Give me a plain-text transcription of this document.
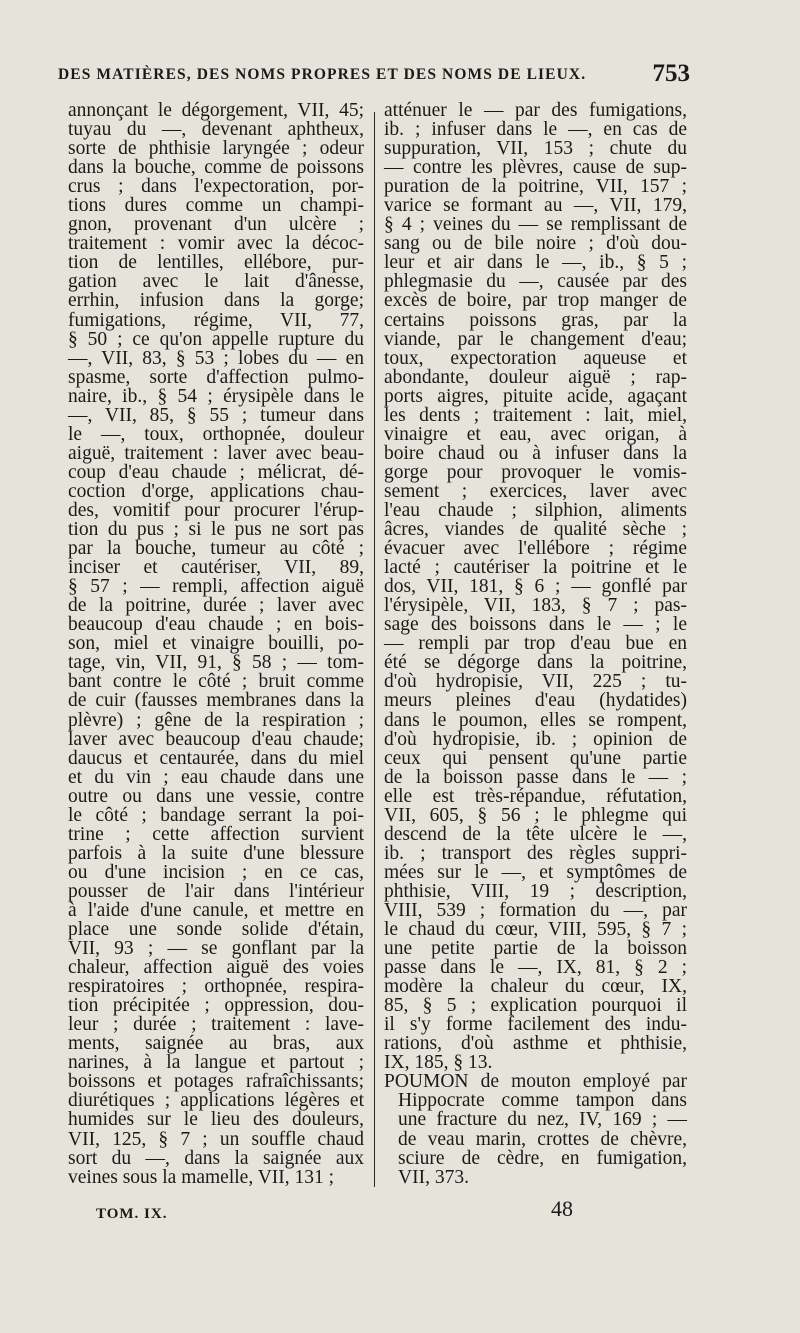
DES MATIÈRES, DES NOMS PROPRES ET DES NOMS DE LIEUX.	753
annonçant le dégorgement, VII, 45;
tuyau du —, devenant aphtheux,
sorte de phthisie laryngée ; odeur
dans la bouche, comme de poissons
crus ; dans l'expectoration, por-
tions dures comme un champi-
gnon, provenant d'un ulcère ;
traitement : vomir avec la décoc-
tion de lentilles, ellébore, pur-
gation avec le lait d'ânesse,
errhin, infusion dans la gorge;
fumigations, régime, VII, 77,
§ 50 ; ce qu'on appelle rupture du
—, VII, 83, § 53 ; lobes du — en
spasme, sorte d'affection pulmo-
naire, ib., § 54 ; érysipèle dans le
—, VII, 85, § 55 ; tumeur dans
le —, toux, orthopnée, douleur
aiguë, traitement : laver avec beau-
coup d'eau chaude ; mélicrat, dé-
coction d'orge, applications chau-
des, vomitif pour procurer l'érup-
tion du pus ; si le pus ne sort pas
par la bouche, tumeur au côté ;
inciser et cautériser, VII, 89,
§ 57 ; — rempli, affection aiguë
de la poitrine, durée ; laver avec
beaucoup d'eau chaude ; en bois-
son, miel et vinaigre bouilli, po-
tage, vin, VII, 91, § 58 ; — tom-
bant contre le côté ; bruit comme
de cuir (fausses membranes dans la
plèvre) ; gêne de la respiration ;
laver avec beaucoup d'eau chaude;
daucus et centaurée, dans du miel
et du vin ; eau chaude dans une
outre ou dans une vessie, contre
le côté ; bandage serrant la poi-
trine ; cette affection survient
parfois à la suite d'une blessure
ou d'une incision ; en ce cas,
pousser de l'air dans l'intérieur
à l'aide d'une canule, et mettre en
place une sonde solide d'étain,
VII, 93 ; — se gonflant par la
chaleur, affection aiguë des voies
respiratoires ; orthopnée, respira-
tion précipitée ; oppression, dou-
leur ; durée ; traitement : lave-
ments, saignée au bras, aux
narines, à la langue et partout ;
boissons et potages rafraîchissants;
diurétiques ; applications légères et
humides sur le lieu des douleurs,
VII, 125, § 7 ; un souffle chaud
sort du —, dans la saignée aux
veines sous la mamelle, VII, 131 ;
atténuer le — par des fumigations,
ib. ; infuser dans le —, en cas de
suppuration, VII, 153 ; chute du
— contre les plèvres, cause de sup-
puration de la poitrine, VII, 157 ;
varice se formant au —, VII, 179,
§ 4 ; veines du — se remplissant de
sang ou de bile noire ; d'où dou-
leur et air dans le —, ib., § 5 ;
phlegmasie du —, causée par des
excès de boire, par trop manger de
certains poissons gras, par la
viande, par le changement d'eau;
toux, expectoration aqueuse et
abondante, douleur aiguë ; rap-
ports aigres, pituite acide, agaçant
les dents ; traitement : lait, miel,
vinaigre et eau, avec origan, à
boire chaud ou à infuser dans la
gorge pour provoquer le vomis-
sement ; exercices, laver avec
l'eau chaude ; silphion, aliments
âcres, viandes de qualité sèche ;
évacuer avec l'ellébore ; régime
lacté ; cautériser la poitrine et le
dos, VII, 181, § 6 ; — gonflé par
l'érysipèle, VII, 183, § 7 ; pas-
sage des boissons dans le — ; le
— rempli par trop d'eau bue en
été se dégorge dans la poitrine,
d'où hydropisie, VII, 225 ; tu-
meurs pleines d'eau (hydatides)
dans le poumon, elles se rompent,
d'où hydropisie, ib. ; opinion de
ceux qui pensent qu'une partie
de la boisson passe dans le — ;
elle est très-répandue, réfutation,
VII, 605, § 56 ; le phlegme qui
descend de la tête ulcère le —,
ib. ; transport des règles suppri-
mées sur le —, et symptômes de
phthisie, VIII, 19 ; description,
VIII, 539 ; formation du —, par
le chaud du cœur, VIII, 595, § 7 ;
une petite partie de la boisson
passe dans le —, IX, 81, § 2 ;
modère la chaleur du cœur, IX,
85, § 5 ; explication pourquoi il
il s'y forme facilement des indu-
rations, d'où asthme et phthisie,
IX, 185, § 13.
POUMON de mouton employé par
Hippocrate comme tampon dans
une fracture du nez, IV, 169 ; —
de veau marin, crottes de chèvre,
sciure de cèdre, en fumigation,
VII, 373.
TOM. IX.	48
